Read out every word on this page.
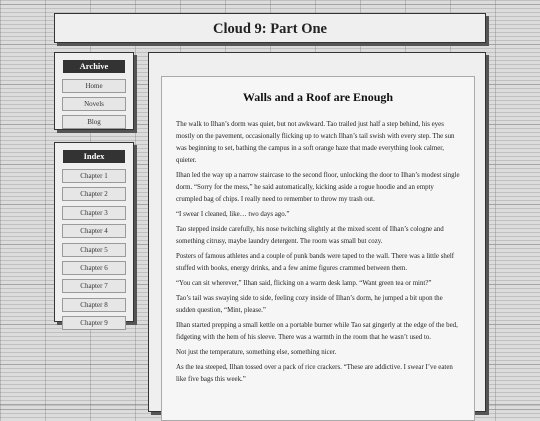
Cloud 9: Part One
Archive
Home
Novels
Blog
Index
Chapter 1
Chapter 2
Chapter 3
Chapter 4
Chapter 5
Chapter 6
Chapter 7
Chapter 8
Chapter 9
Walls and a Roof are Enough

The walk to Ilhan’s dorm was quiet, but not awkward. Tao trailed just half a step behind, his eyes mostly on the pavement, occasionally flicking up to watch Ilhan’s tail swish with every step. The sun was beginning to set, bathing the campus in a soft orange haze that made everything look calmer, quieter.

Ilhan led the way up a narrow staircase to the second floor, unlocking the door to Ilhan’s modest single dorm. “Sorry for the mess,” he said automatically, kicking aside a rogue hoodie and an empty crumpled bag of chips. I really need to remember to throw my trash out.

“I swear I cleaned, like… two days ago.”

Tao stepped inside carefully, his nose twitching slightly at the mixed scent of Ilhan’s cologne and something citrusy, maybe laundry detergent. The room was small but cozy.

Posters of famous athletes and a couple of punk bands were taped to the wall. There was a little shelf stuffed with books, energy drinks, and a few anime figures crammed between them.

“You can sit wherever,” Ilhan said, flicking on a warm desk lamp. “Want green tea or mint?”

Tao’s tail was swaying side to side, feeling cozy inside of Ilhan’s dorm, he jumped a bit upon the sudden question, “Mint, please.”

Ilhan started prepping a small kettle on a portable burner while Tao sat gingerly at the edge of the bed, fidgeting with the hem of his sleeve. There was a warmth in the room that he wasn’t used to.

Not just the temperature, something else, something nicer.

As the tea steeped, Ilhan tossed over a pack of rice crackers. “These are addictive. I swear I’ve eaten like five bags this week.”
